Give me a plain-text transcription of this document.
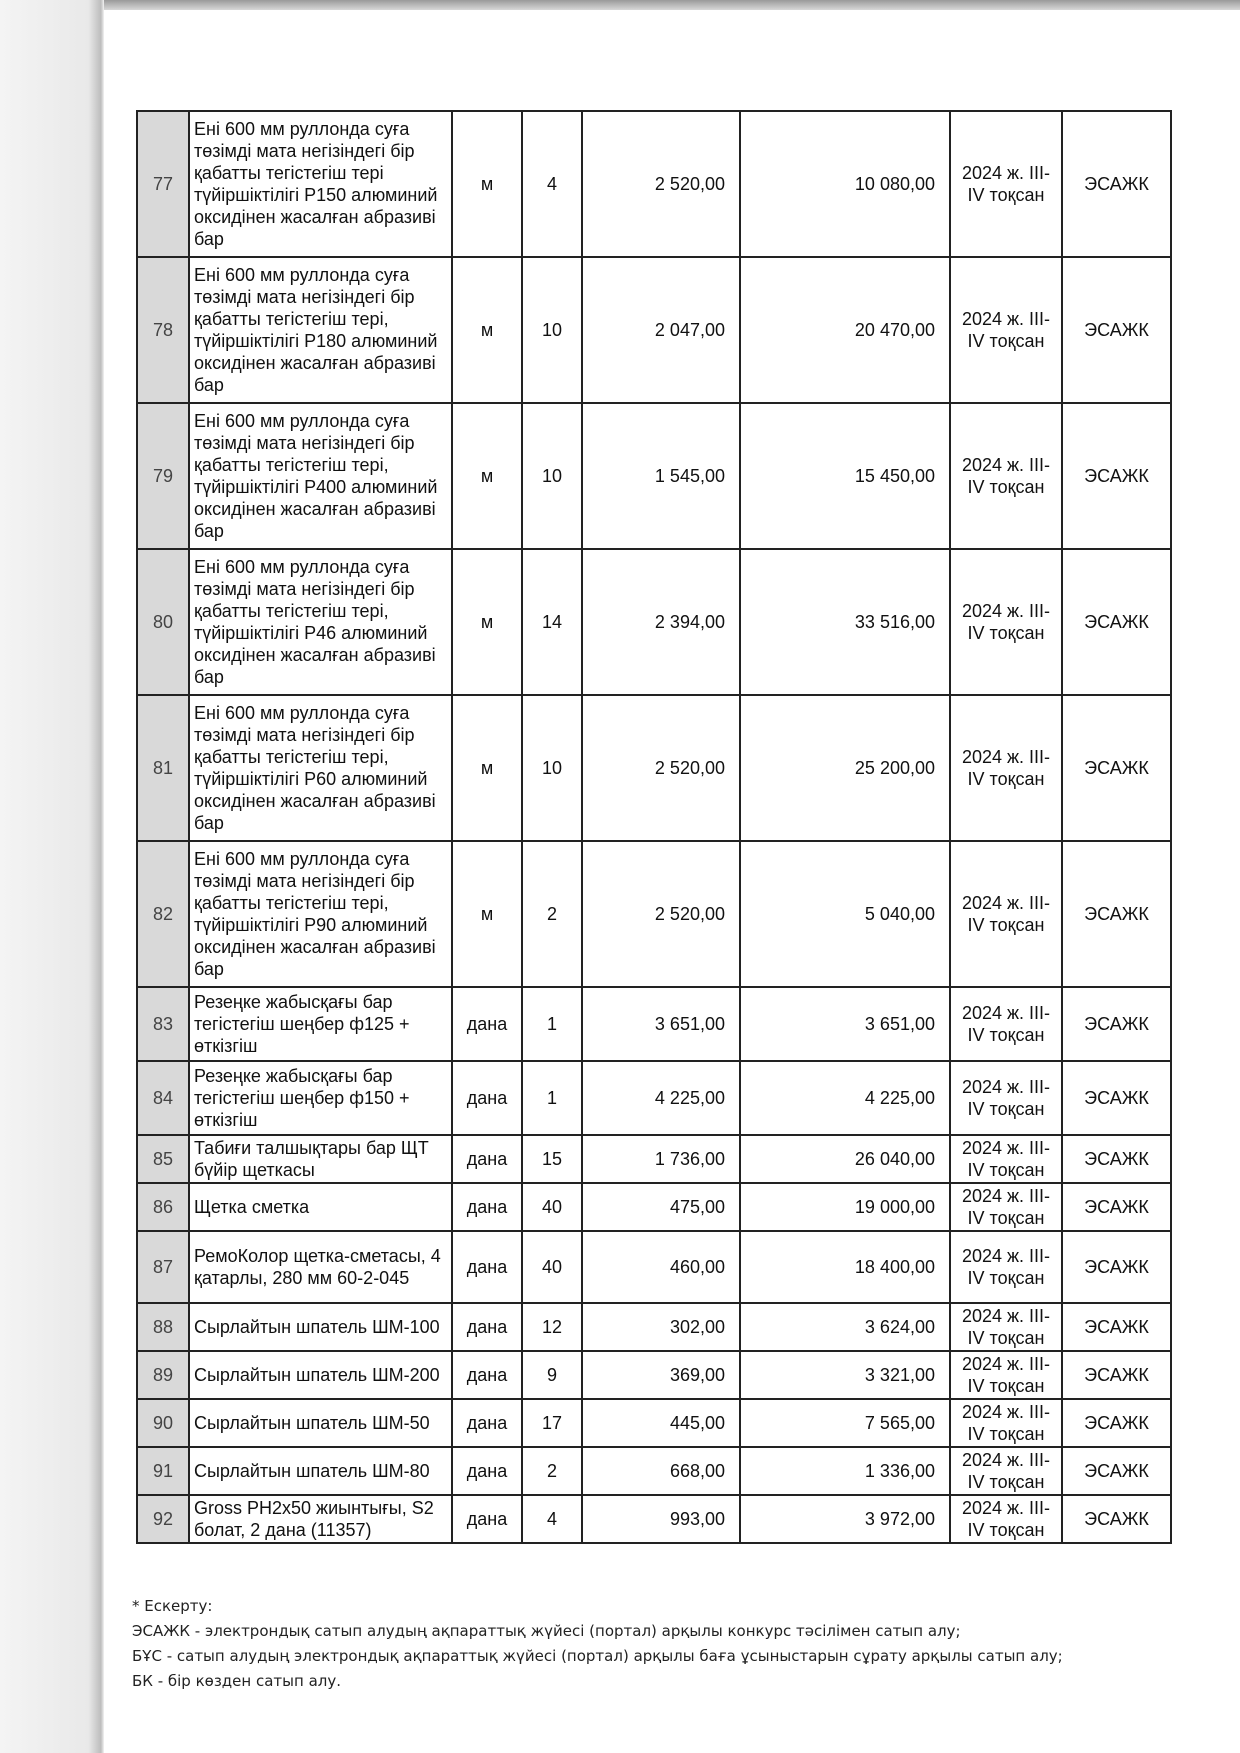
77	Ені 600 мм руллонда суға төзімді мата негізіндегі бір қабатты тегістегіш тері түйіршіктілігі P150 алюминий оксидінен жасалған абразиві бар	м	4	2 520,00	10 080,00	2024 ж. III-IV тоқсан	ЭСАЖК
78	Ені 600 мм руллонда суға төзімді мата негізіндегі бір қабатты тегістегіш тері, түйіршіктілігі P180 алюминий оксидінен жасалған абразиві бар	м	10	2 047,00	20 470,00	2024 ж. III-IV тоқсан	ЭСАЖК
79	Ені 600 мм руллонда суға төзімді мата негізіндегі бір қабатты тегістегіш тері, түйіршіктілігі P400 алюминий оксидінен жасалған абразиві бар	м	10	1 545,00	15 450,00	2024 ж. III-IV тоқсан	ЭСАЖК
80	Ені 600 мм руллонда суға төзімді мата негізіндегі бір қабатты тегістегіш тері, түйіршіктілігі P46 алюминий оксидінен жасалған абразиві бар	м	14	2 394,00	33 516,00	2024 ж. III-IV тоқсан	ЭСАЖК
81	Ені 600 мм руллонда суға төзімді мата негізіндегі бір қабатты тегістегіш тері, түйіршіктілігі P60 алюминий оксидінен жасалған абразиві бар	м	10	2 520,00	25 200,00	2024 ж. III-IV тоқсан	ЭСАЖК
82	Ені 600 мм руллонда суға төзімді мата негізіндегі бір қабатты тегістегіш тері, түйіршіктілігі P90 алюминий оксидінен жасалған абразиві бар	м	2	2 520,00	5 040,00	2024 ж. III-IV тоқсан	ЭСАЖК
83	Резеңке жабысқағы бар тегістегіш шеңбер ф125 + өткізгіш	дана	1	3 651,00	3 651,00	2024 ж. III-IV тоқсан	ЭСАЖК
84	Резеңке жабысқағы бар тегістегіш шеңбер ф150 + өткізгіш	дана	1	4 225,00	4 225,00	2024 ж. III-IV тоқсан	ЭСАЖК
85	Табиғи талшықтары бар ЩТ бүйір щеткасы	дана	15	1 736,00	26 040,00	2024 ж. III-IV тоқсан	ЭСАЖК
86	Щетка сметка	дана	40	475,00	19 000,00	2024 ж. III-IV тоқсан	ЭСАЖК
87	РемоКолор щетка-сметасы, 4 қатарлы, 280 мм 60-2-045	дана	40	460,00	18 400,00	2024 ж. III-IV тоқсан	ЭСАЖК
88	Сырлайтын шпатель ШМ-100	дана	12	302,00	3 624,00	2024 ж. III-IV тоқсан	ЭСАЖК
89	Сырлайтын шпатель ШМ-200	дана	9	369,00	3 321,00	2024 ж. III-IV тоқсан	ЭСАЖК
90	Сырлайтын шпатель ШМ-50	дана	17	445,00	7 565,00	2024 ж. III-IV тоқсан	ЭСАЖК
91	Сырлайтын шпатель ШМ-80	дана	2	668,00	1 336,00	2024 ж. III-IV тоқсан	ЭСАЖК
92	Gross PH2x50 жиынтығы, S2 болат, 2 дана (11357)	дана	4	993,00	3 972,00	2024 ж. III-IV тоқсан	ЭСАЖК
* Ескерту:
ЭСАЖК - электрондық сатып алудың ақпараттық жүйесі (портал) арқылы конкурс тәсілімен сатып алу;
БҰС - сатып алудың электрондық ақпараттық жүйесі (портал) арқылы баға ұсыныстарын сұрату арқылы сатып алу;
БК - бір көзден сатып алу.
